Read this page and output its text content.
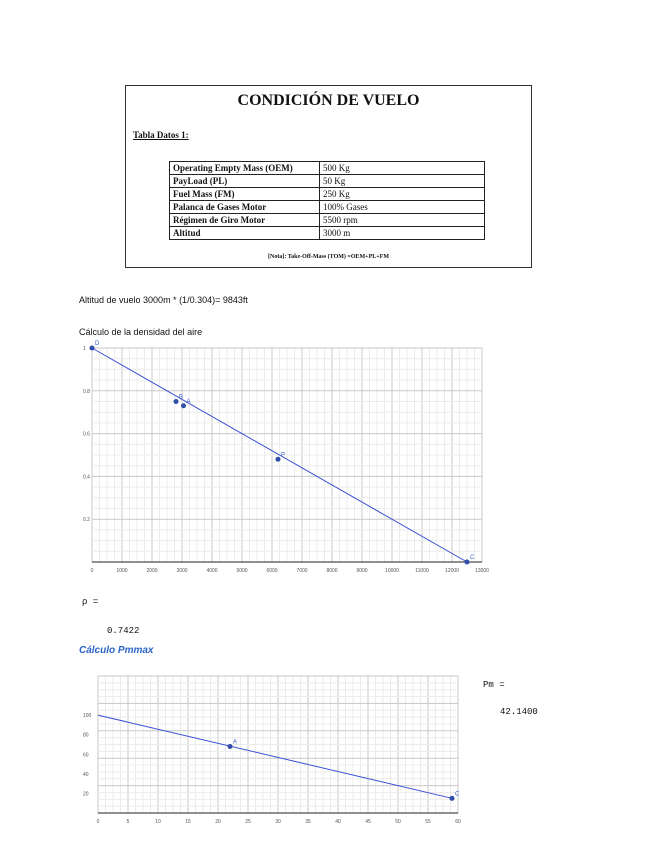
CONDICIÓN DE VUELO
Tabla Datos 1:
Operating Empty Mass (OEM)	500 Kg
PayLoad (PL)	50 Kg
Fuel Mass (FM)	250 Kg
Palanca de Gases Motor	100% Gases
Régimen de Giro Motor	5500 rpm
Altitud	3000 m
[Nota]: Take-Off-Mass (TOM) =OEM+PL+FM
Altitud de vuelo 3000m * (1/0.304)= 9843ft
Cálculo de la densidad del aire
0	1000	2000	3000	4000	5000	6000	7000	8000	9000	10000	11000	12000	13000
1
0.8
0.6
0.4
0.2
D
B
A
P
C
ρ =
0.7422
Cálculo Pmmax
0	5	10	15	20	25	30	35	40	45	50	55	60
100
80
60
40
20
A
C
Pm =
42.1400
